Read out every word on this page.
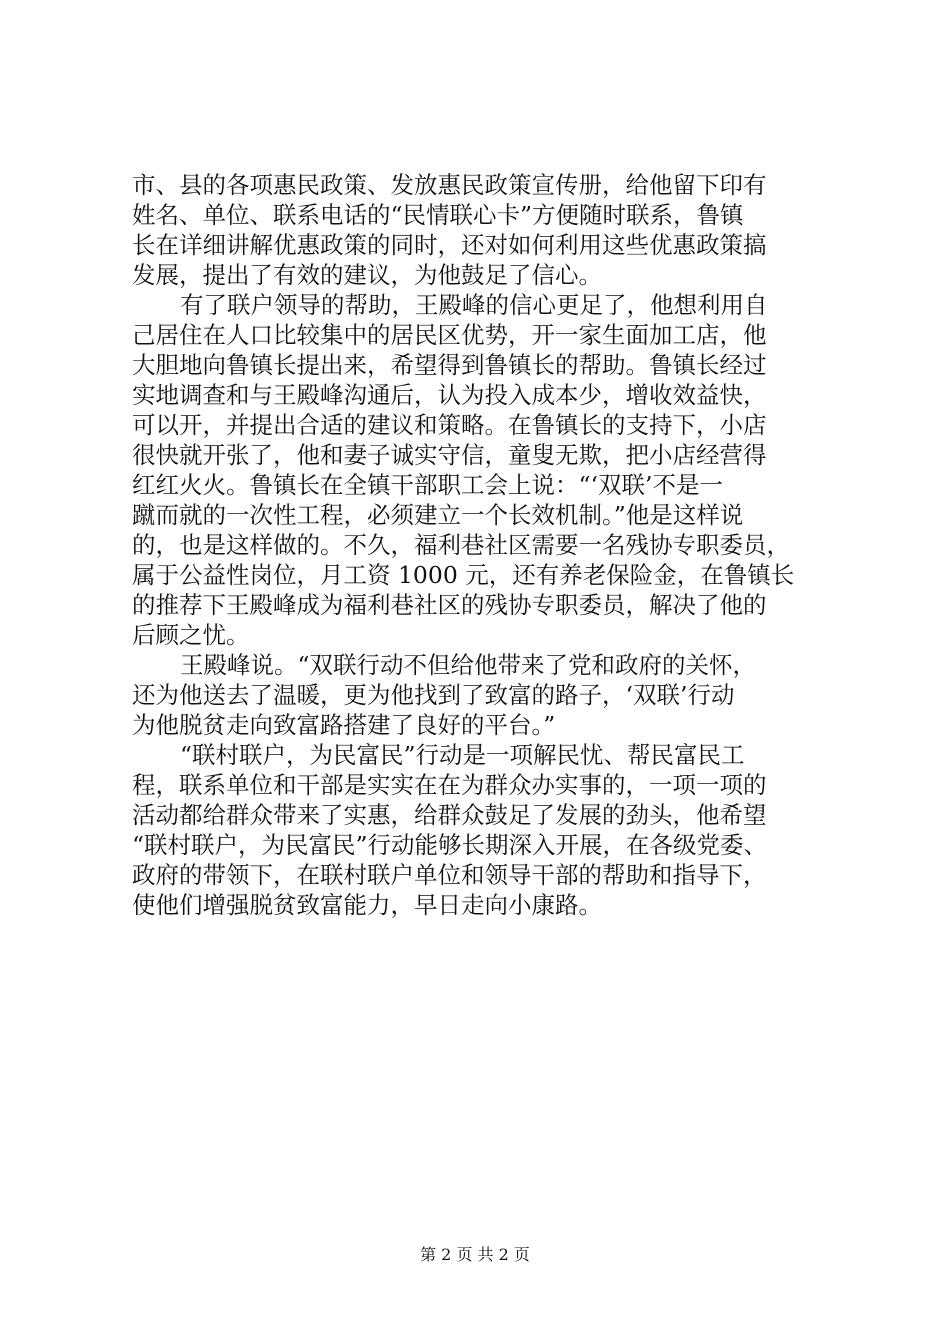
市、县的各项惠民政策、发放惠民政策宣传册，给他留下印有
姓名、单位、联系电话的“民情联心卡”方便随时联系，鲁镇
长在详细讲解优惠政策的同时，还对如何利用这些优惠政策搞
发展，提出了有效的建议，为他鼓足了信心。
有了联户领导的帮助，王殿峰的信心更足了，他想利用自
己居住在人口比较集中的居民区优势，开一家生面加工店，他
大胆地向鲁镇长提出来，希望得到鲁镇长的帮助。鲁镇长经过
实地调查和与王殿峰沟通后，认为投入成本少，增收效益快，
可以开，并提出合适的建议和策略。在鲁镇长的支持下，小店
很快就开张了，他和妻子诚实守信，童叟无欺，把小店经营得
红红火火。鲁镇长在全镇干部职工会上说：“‘双联’不是一
蹴而就的一次性工程，必须建立一个长效机制。”他是这样说
的，也是这样做的。不久，福利巷社区需要一名残协专职委员，
属于公益性岗位，月工资 1000 元，还有养老保险金，在鲁镇长
的推荐下王殿峰成为福利巷社区的残协专职委员，解决了他的
后顾之忧。
王殿峰说。“双联行动不但给他带来了党和政府的关怀，
还为他送去了温暖，更为他找到了致富的路子，‘双联’行动
为他脱贫走向致富路搭建了良好的平台。”
“联村联户，为民富民”行动是一项解民忧、帮民富民工
程，联系单位和干部是实实在在为群众办实事的，一项一项的
活动都给群众带来了实惠，给群众鼓足了发展的劲头，他希望
“联村联户，为民富民”行动能够长期深入开展，在各级党委、
政府的带领下，在联村联户单位和领导干部的帮助和指导下，
使他们增强脱贫致富能力，早日走向小康路。
第 2 页 共 2 页
